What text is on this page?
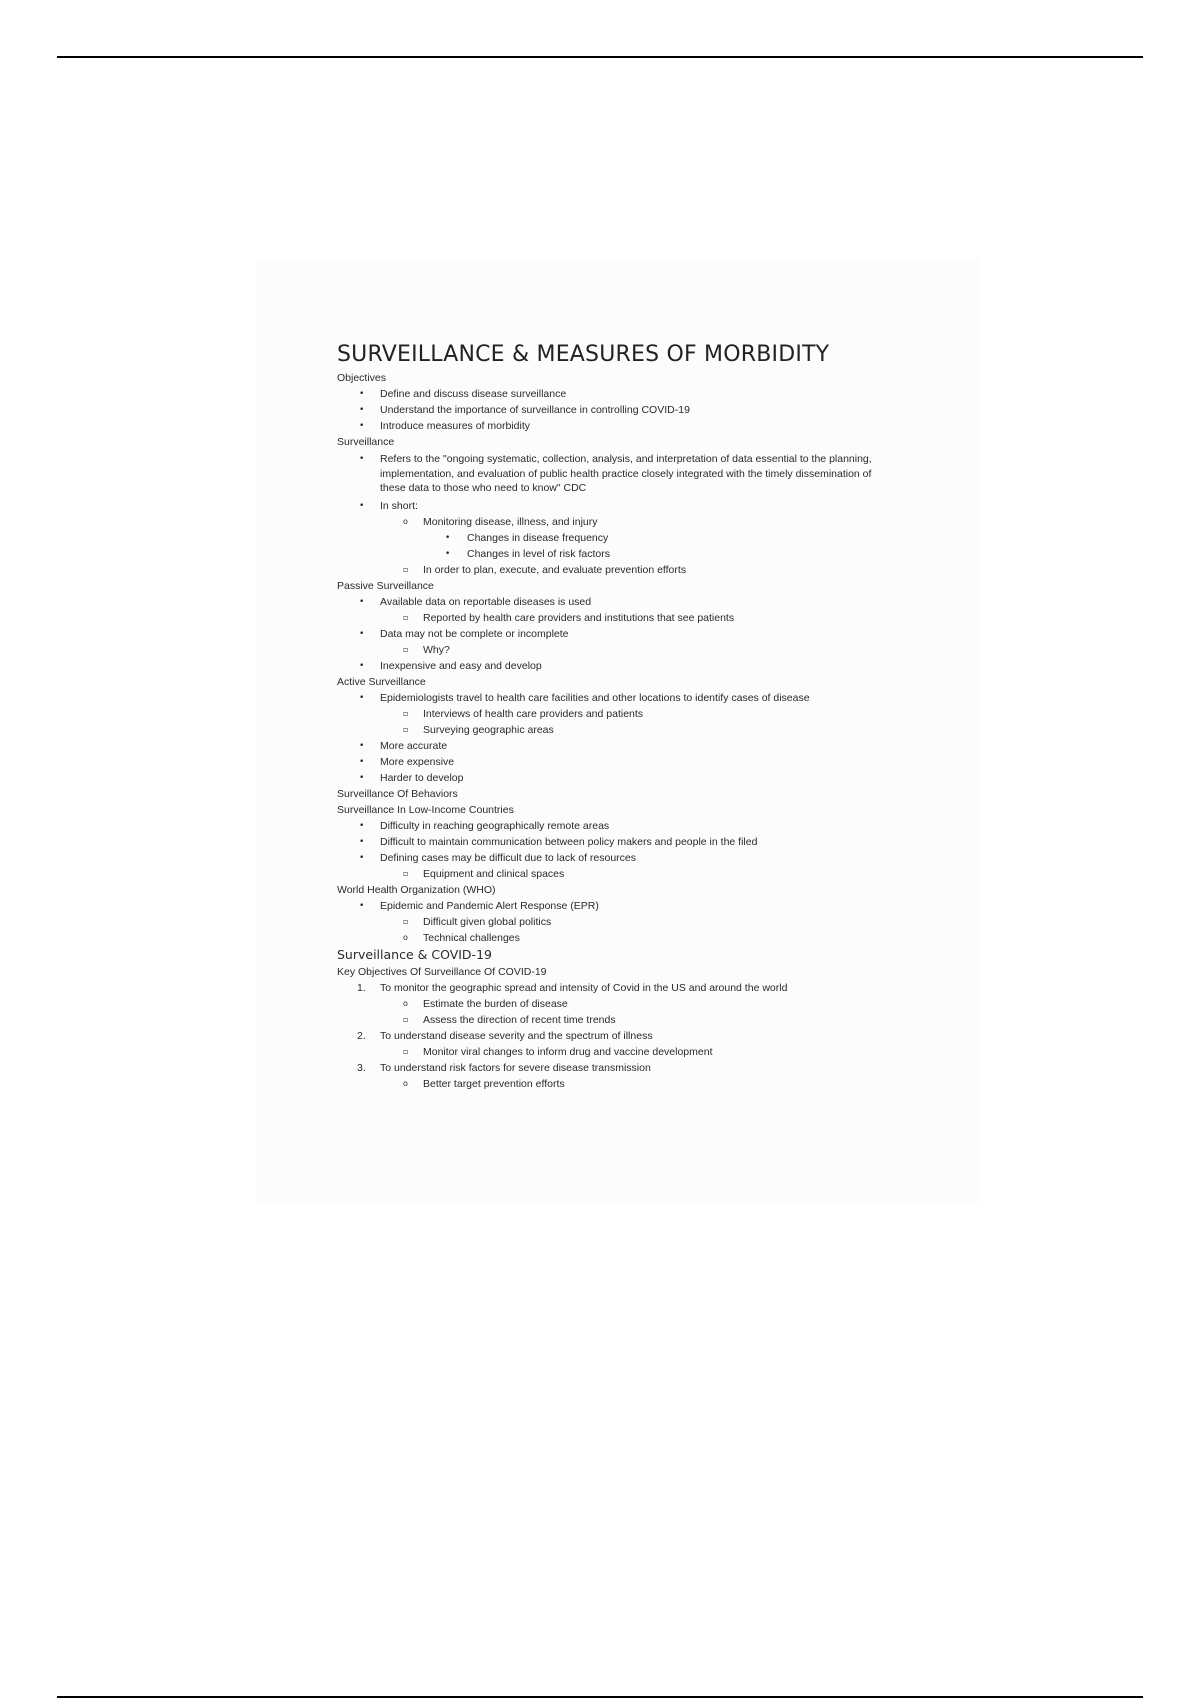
SURVEILLANCE & MEASURES OF MORBIDITY
Objectives
• Define and discuss disease surveillance
• Understand the importance of surveillance in controlling COVID-19
• Introduce measures of morbidity
Surveillance
• Refers to the "ongoing systematic, collection, analysis, and interpretation of data essential to the planning, implementation, and evaluation of public health practice closely integrated with the timely dissemination of these data to those who need to know" CDC
• In short:
o Monitoring disease, illness, and injury
• Changes in disease frequency
• Changes in level of risk factors
▫ In order to plan, execute, and evaluate prevention efforts
Passive Surveillance
• Available data on reportable diseases is used
▫ Reported by health care providers and institutions that see patients
• Data may not be complete or incomplete
▫ Why?
• Inexpensive and easy and develop
Active Surveillance
• Epidemiologists travel to health care facilities and other locations to identify cases of disease
▫ Interviews of health care providers and patients
▫ Surveying geographic areas
• More accurate
• More expensive
• Harder to develop
Surveillance Of Behaviors
Surveillance In Low-Income Countries
• Difficulty in reaching geographically remote areas
• Difficult to maintain communication between policy makers and people in the filed
• Defining cases may be difficult due to lack of resources
▫ Equipment and clinical spaces
World Health Organization (WHO)
• Epidemic and Pandemic Alert Response (EPR)
▫ Difficult given global politics
o Technical challenges
Surveillance & COVID-19
Key Objectives Of Surveillance Of COVID-19
1. To monitor the geographic spread and intensity of Covid in the US and around the world
o Estimate the burden of disease
▫ Assess the direction of recent time trends
2. To understand disease severity and the spectrum of illness
▫ Monitor viral changes to inform drug and vaccine development
3. To understand risk factors for severe disease transmission
o Better target prevention efforts
